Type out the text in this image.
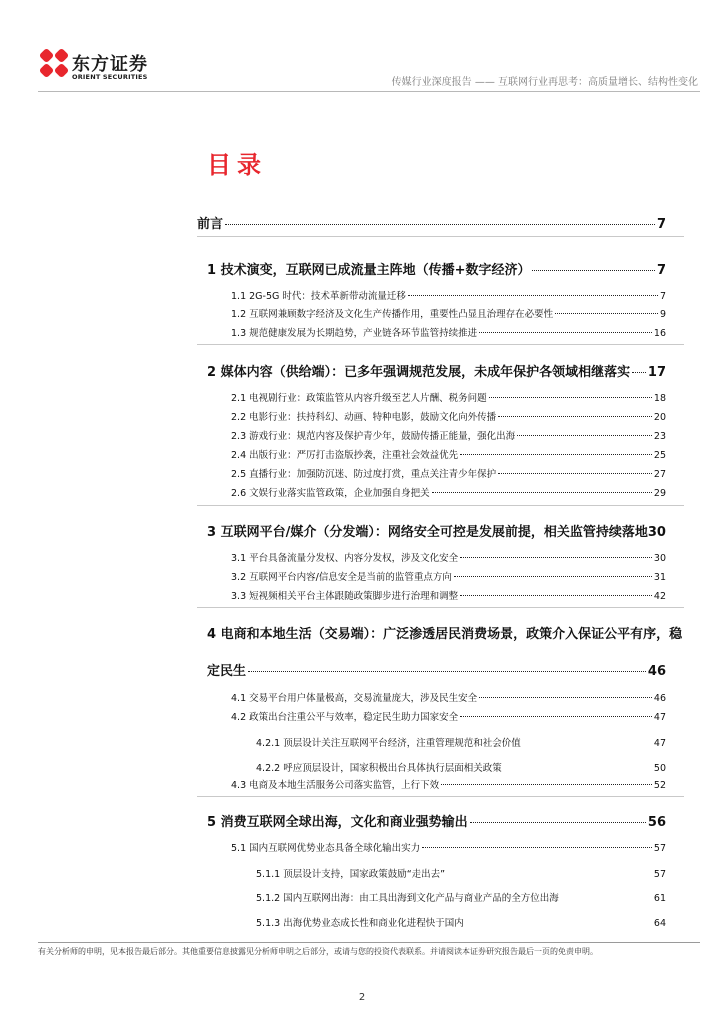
东方证券
ORIENT SECURITIES	传媒行业深度报告 —— 互联网行业再思考：高质量增长、结构性变化
目录
前言	7
1 技术演变，互联网已成流量主阵地（传播+数字经济）	7
1.1 2G-5G 时代：技术革新带动流量迁移	7
1.2 互联网兼顾数字经济及文化生产传播作用，重要性凸显且治理存在必要性	9
1.3 规范健康发展为长期趋势，产业链各环节监管持续推进	16
2 媒体内容（供给端）：已多年强调规范发展，未成年保护各领域相继落实 17
2.1 电视剧行业：政策监管从内容升级至艺人片酬、税务问题	18
2.2 电影行业：扶持科幻、动画、特种电影，鼓励文化向外传播	20
2.3 游戏行业：规范内容及保护青少年，鼓励传播正能量，强化出海	23
2.4 出版行业：严厉打击盗版抄袭，注重社会效益优先	25
2.5 直播行业：加强防沉迷、防过度打赏，重点关注青少年保护	27
2.6 文娱行业落实监管政策，企业加强自身把关	29
3 互联网平台/媒介（分发端）：网络安全可控是发展前提，相关监管持续落地 30
3.1 平台具备流量分发权、内容分发权，涉及文化安全	30
3.2 互联网平台内容/信息安全是当前的监管重点方向	31
3.3 短视频相关平台主体跟随政策脚步进行治理和调整	42
4 电商和本地生活（交易端）：广泛渗透居民消费场景，政策介入保证公平有序，稳
定民生	46
4.1 交易平台用户体量极高，交易流量庞大，涉及民生安全	46
4.2 政策出台注重公平与效率，稳定民生助力国家安全	47
4.2.1 顶层设计关注互联网平台经济，注重管理规范和社会价值	47
4.2.2 呼应顶层设计，国家积极出台具体执行层面相关政策	50
4.3 电商及本地生活服务公司落实监管，上行下效	52
5 消费互联网全球出海，文化和商业强势输出	56
5.1 国内互联网优势业态具备全球化输出实力	57
5.1.1 顶层设计支持，国家政策鼓励“走出去”	57
5.1.2 国内互联网出海：由工具出海到文化产品与商业产品的全方位出海	61
5.1.3 出海优势业态成长性和商业化进程快于国内	64
有关分析师的申明，见本报告最后部分。其他重要信息披露见分析师申明之后部分，或请与您的投资代表联系。并请阅读本证券研究报告最后一页的免责申明。
2
